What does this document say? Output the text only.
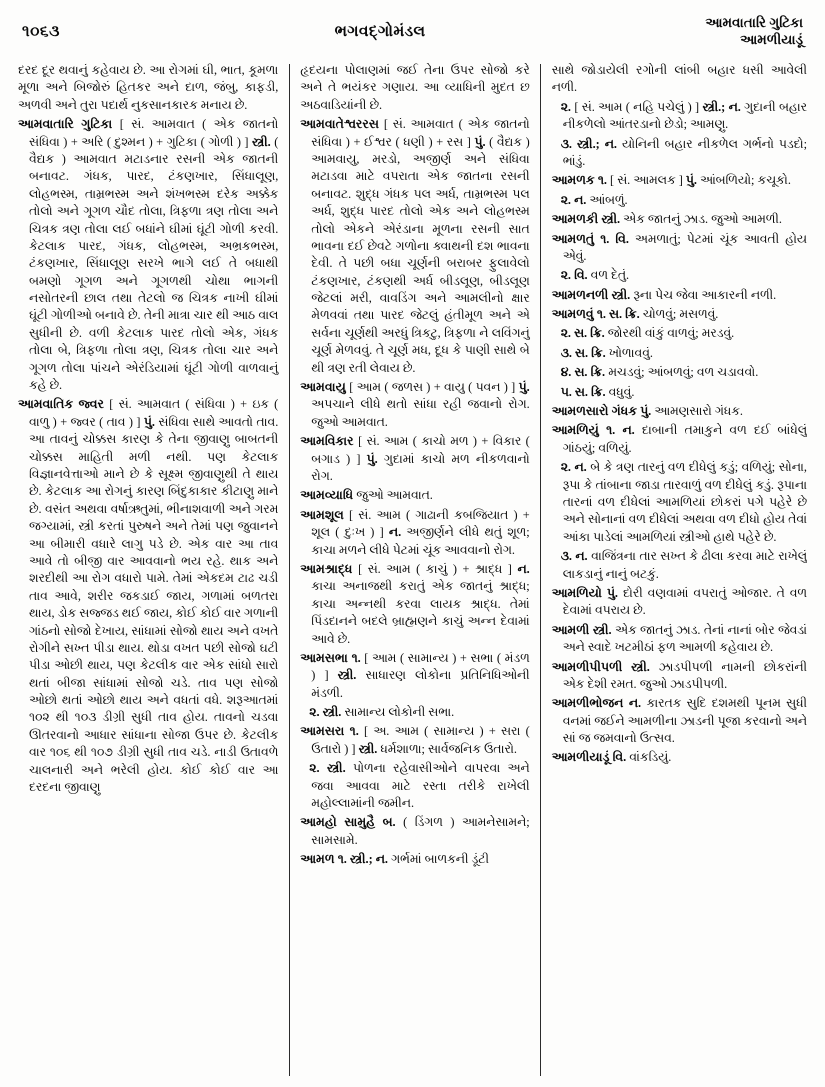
૧૦૬૩	ભગવદ્ગોમંડલ
આમવાતારિ ગુટિકા
આમળીયાડૂં

દરદ દૂર થવાનું કહેવાય છે. આ રોગમાં ઘી, ભાત, કૂમળા મૂળા અને બિજોરું હિતકર અને દાળ, જંબુ, કાફડી, અળવી અને તુરા પદાર્થ નુકસાનકારક મનાય છે.

આમવાતારિ ગુટિકા [ સં. આમવાત ( એક જાતનો સંધિવા ) + અરિ ( દુશ્મન ) + ગુટિકા ( ગોળી ) ] સ્ત્રી. ( વૈદ્યક ) આમવાત મટાડનાર રસની એક જાતની બનાવટ. ગંધક, પારદ, ટંકણખાર, સિંધાલૂણ, લોહભસ્મ, તામ્રભસ્મ અને શંખભસ્મ દરેક અક્કેક તોલો અને ગૂગળ ચૌદ તોલા, ત્રિફળા ત્રણ તોલા અને ચિત્રક ત્રણ તોલા લઈ બધાંને ઘીમાં ઘૂંટી ગોળી કરવી. કેટલાક પારદ, ગંધક, લોહભસ્મ, અભ્રકભસ્મ, ટંકણખાર, સિંધાલૂણ સરખે ભાગે લઈ તે બધાથી બમણો ગૂગળ અને ગૂગળથી ચોથા ભાગની નસોતરની છાલ તથા તેટલો જ ચિત્રક નાખી ઘીમાં ઘૂંટી ગોળીઓ બનાવે છે. તેની માત્રા ચાર થી આઠ વાલ સુધીની છે. વળી કેટલાક પારદ તોલો એક, ગંધક તોલા બે, ત્રિફળા તોલા ત્રણ, ચિત્રક તોલા ચાર અને ગૂગળ તોલા પાંચને એરંડિયામાં ઘૂંટી ગોળી વાળવાનું કહે છે.

આમવાતિક જ્વર [ સં. આમવાત ( સંધિવા ) + ઇક ( વાળુ ) + જ્વર ( તાવ ) ] પું. સંધિવા સાથે આવતો તાવ. આ તાવનું ચોક્કસ કારણ કે તેના જીવાણુ બાબતની ચોક્કસ માહિતી મળી નથી. પણ કેટલાક વિજ્ઞાનવેત્તાઓ માને છે કે સૂક્ષ્મ જીવાણુથી તે થાય છે. કેટલાક આ રોગનું કારણ બિંદુકાકાર કીટાણુ માને છે. વસંત અથવા વર્ષાઋતુમાં, ભીનાશવાળી અને ગરમ જગ્યામાં, સ્ત્રી કરતાં પુરુષને અને તેમાં પણ જુવાનને આ બીમારી વધારે લાગુ પડે છે. એક વાર આ તાવ આવે તો બીજી વાર આવવાનો ભય રહે. થાક અને શરદીથી આ રોગ વધારો પામે. તેમાં એકદમ ટાઢ ચડી તાવ આવે, શરીર જકડાઈ જાય, ગળામાં બળતરા થાય, ડોક સજ્જડ થઈ જાય, કોઈ કોઈ વાર ગળાની ગાંઠનો સોજો દેખાય, સાંધામાં સોજો થાય અને વખતે રોગીને સખ્ત પીડા થાય. થોડા વખત પછી સોજો ઘટી પીડા ઓછી થાય, પણ કેટલીક વાર એક સાંધો સારો થતાં બીજા સાંધામાં સોજો ચડે. તાવ પણ સોજો ઓછો થતાં ઓછો થાય અને વધતાં વધે. શરૂઆતમાં ૧૦૨ થી ૧૦૩ ડીગ્રી સુધી તાવ હોય. તાવનો ચડવા ઊતરવાનો આધાર સાંધાના સોજા ઉપર છે. કેટલીક વાર ૧૦૬ થી ૧૦૭ ડીગ્રી સુધી તાવ ચડે. નાડી ઉતાવળે ચાલનારી અને ભરેલી હોય. કોઈ કોઈ વાર આ દરદના જીવાણુ

હૃદયના પોલાણમાં જઈ તેના ઉપર સોજો કરે અને તે ભયંકર ગણાય. આ વ્યાધિની મુદત છ અઠવાડિયાંની છે.

આમવાતેશ્વરરસ [ સં. આમવાત ( એક જાતનો સંધિવા ) + ઈશ્વર ( ધણી ) + રસ ] પું. ( વૈદ્યક ) આમવાયુ, મરડો, અજીર્ણ અને સંધિવા મટાડવા માટે વપરાતા એક જાતના રસની બનાવટ. શુદ્ધ ગંધક પલ અર્ધ, તામ્રભસ્મ પલ અર્ધ, શુદ્ધ પારદ તોલો એક અને લોહભસ્મ તોલો એકને એરંડાના મૂળના રસની સાત ભાવના દઈ છેવટે ગળોના ક્વાથની દશ ભાવના દેવી. તે પછી બધા ચૂર્ણની બરાબર ફુલાવેલો ટંકણખાર, ટંકણથી અર્ધ બીડલૂણ, બીડલૂણ જેટલાં મરી, વાવડિંગ અને આમલીનો ક્ષાર મેળવવાં તથા પારદ જેટલું હંતીમૂળ અને એ સર્વના ચૂર્ણથી અરધું ત્રિકટુ, ત્રિફળા ને લવિંગનું ચૂર્ણ મેળવવું. તે ચૂર્ણ મધ, દૂધ કે પાણી સાથે બે થી ત્રણ રતી લેવાય છે.

આમવાયુ [ આમ ( જળસ ) + વાયુ ( પવન ) ] પું. અપચાને લીધે થતો સાંધા રહી જવાનો રોગ. જુઓ આમવાત.

આમવિકાર [ સં. આમ ( કાચો મળ ) + વિકાર ( બગાડ ) ] પું. ગુદામાં કાચો મળ નીકળવાનો રોગ.

આમવ્યાધિ જુઓ આમવાત.

આમશૂલ [ સં. આમ ( ગાઢાની કબજિયાત ) + શૂલ ( દુઃખ ) ] ન. અજીર્ણને લીધે થતું શૂળ; કાચા મળને લીધે પેટમાં ચૂંક આવવાનો રોગ.

આમશ્રાદ્ધ [ સં. આમ ( કાચું ) + શ્રાદ્ધ ] ન. કાચા અનાજથી કરાતું એક જાતનું શ્રાદ્ધ; કાચા અન્નથી કરવા લાયક શ્રાદ્ધ. તેમાં પિંડદાનને બદલે બ્રાહ્મણને કાચું અન્ન દેવામાં આવે છે.

આમસભા ૧. [ આમ ( સામાન્ય ) + સભા ( મંડળ ) ] સ્ત્રી. સાધારણ લોકોના પ્રતિનિધિઓની મંડળી.

૨. સ્ત્રી. સામાન્ય લોકોની સભા.

આમસરા ૧. [ અ. આમ ( સામાન્ય ) + સરા ( ઉતારો ) ] સ્ત્રી. ધર્મશાળા; સાર્વજનિક ઉતારો.

૨. સ્ત્રી. પોળના રહેવાસીઓને વાપરવા અને જવા આવવા માટે રસ્તા તરીકે રાખેલી મહોલ્લામાંની જમીન.

આમહો સામુહૈ બ. ( ડિંગળ ) આમનેસામને; સામસામે.

આમળ ૧. સ્ત્રી.; ન. ગર્ભમાં બાળકની ડૂંટી

સાથે જોડાયેલી રગોની લાંબી બહાર ધસી આવેલી નળી.

૨. [ સં. આમ ( નહિ પચેલું ) ] સ્ત્રી.; ન. ગુદાની બહાર નીકળેલો આંતરડાનો છેડો; આમણુ.

૩. સ્ત્રી.; ન. યોનિની બહાર નીકળેલ ગર્ભનો પડદો; ભાંડું.

આમળક ૧. [ સં. આમલક ] પું. આંબળિયો; કચૂકો.

૨. ન. આંબળું.

આમળકી સ્ત્રી. એક જાતનું ઝાડ. જુઓ આમળી.

આમળતું ૧. વિ. અમળાતું; પેટમાં ચૂંક આવતી હોય એવું.

૨. વિ. વળ દેતું.

આમળનળી સ્ત્રી. રૂના પેચ જેવા આકારની નળી.

આમળવું ૧. સ. ક્રિ. ચોળવું; મસળવું.

૨. સ. ક્રિ. જોરથી વાંકું વાળવું; મરડવું.

૩. સ. ક્રિ. ખોળાવવું.

૪. સ. ક્રિ. મચડવું; આંબળવું; વળ ચડાવવો.

૫. સ. ક્રિ. વધુવું.

આમળસારો ગંધક પું. આમણસારો ગંધક.

આમળિયું ૧. ન. દાબાની તમાકુને વળ દઈ બાંધેલું ગાંઠયું; વળિયું.

૨. ન. બે કે ત્રણ તારનું વળ દીધેલું કડું; વળિયું; સોના, રૂપા કે તાંબાના જાડા તારવાળું વળ દીધેલું કડું. રૂપાના તારનાં વળ દીધેલાં આમળિયાં છોકરાં પગે પહેરે છે અને સોનાનાં વળ દીધેલાં અથવા વળ દીધો હોય તેવાં આંકા પાડેલાં આમળિયાં સ્ત્રીઓ હાથે પહેરે છે.

૩. ન. વાજિંત્રના તાર સખ્ત કે ઢીલા કરવા માટે રાખેલું લાકડાનું નાનું બટકું.

આમળિયો પું. દોરી વણવામાં વપરાતું ઓજાર. તે વળ દેવામાં વપરાય છે.

આમળી સ્ત્રી. એક જાતનું ઝાડ. તેનાં નાનાં બોર જેવડાં અને સ્વાદે ખટમીઠાં ફળ આમળી કહેવાય છે.

આમળીપીપળી સ્ત્રી. ઝાડપીપળી નામની છોકરાંની એક દેશી રમત. જુઓ ઝાડપીપળી.

આમળીભોજન ન. કારતક સુદિ દશમથી પૂનમ સુધી વનમાં જઈને આમળીના ઝાડની પૂજા કરવાનો અને સાં જ જમવાનો ઉત્સવ.

આમળીયાડૂં વિ. વાંકડિયું.
